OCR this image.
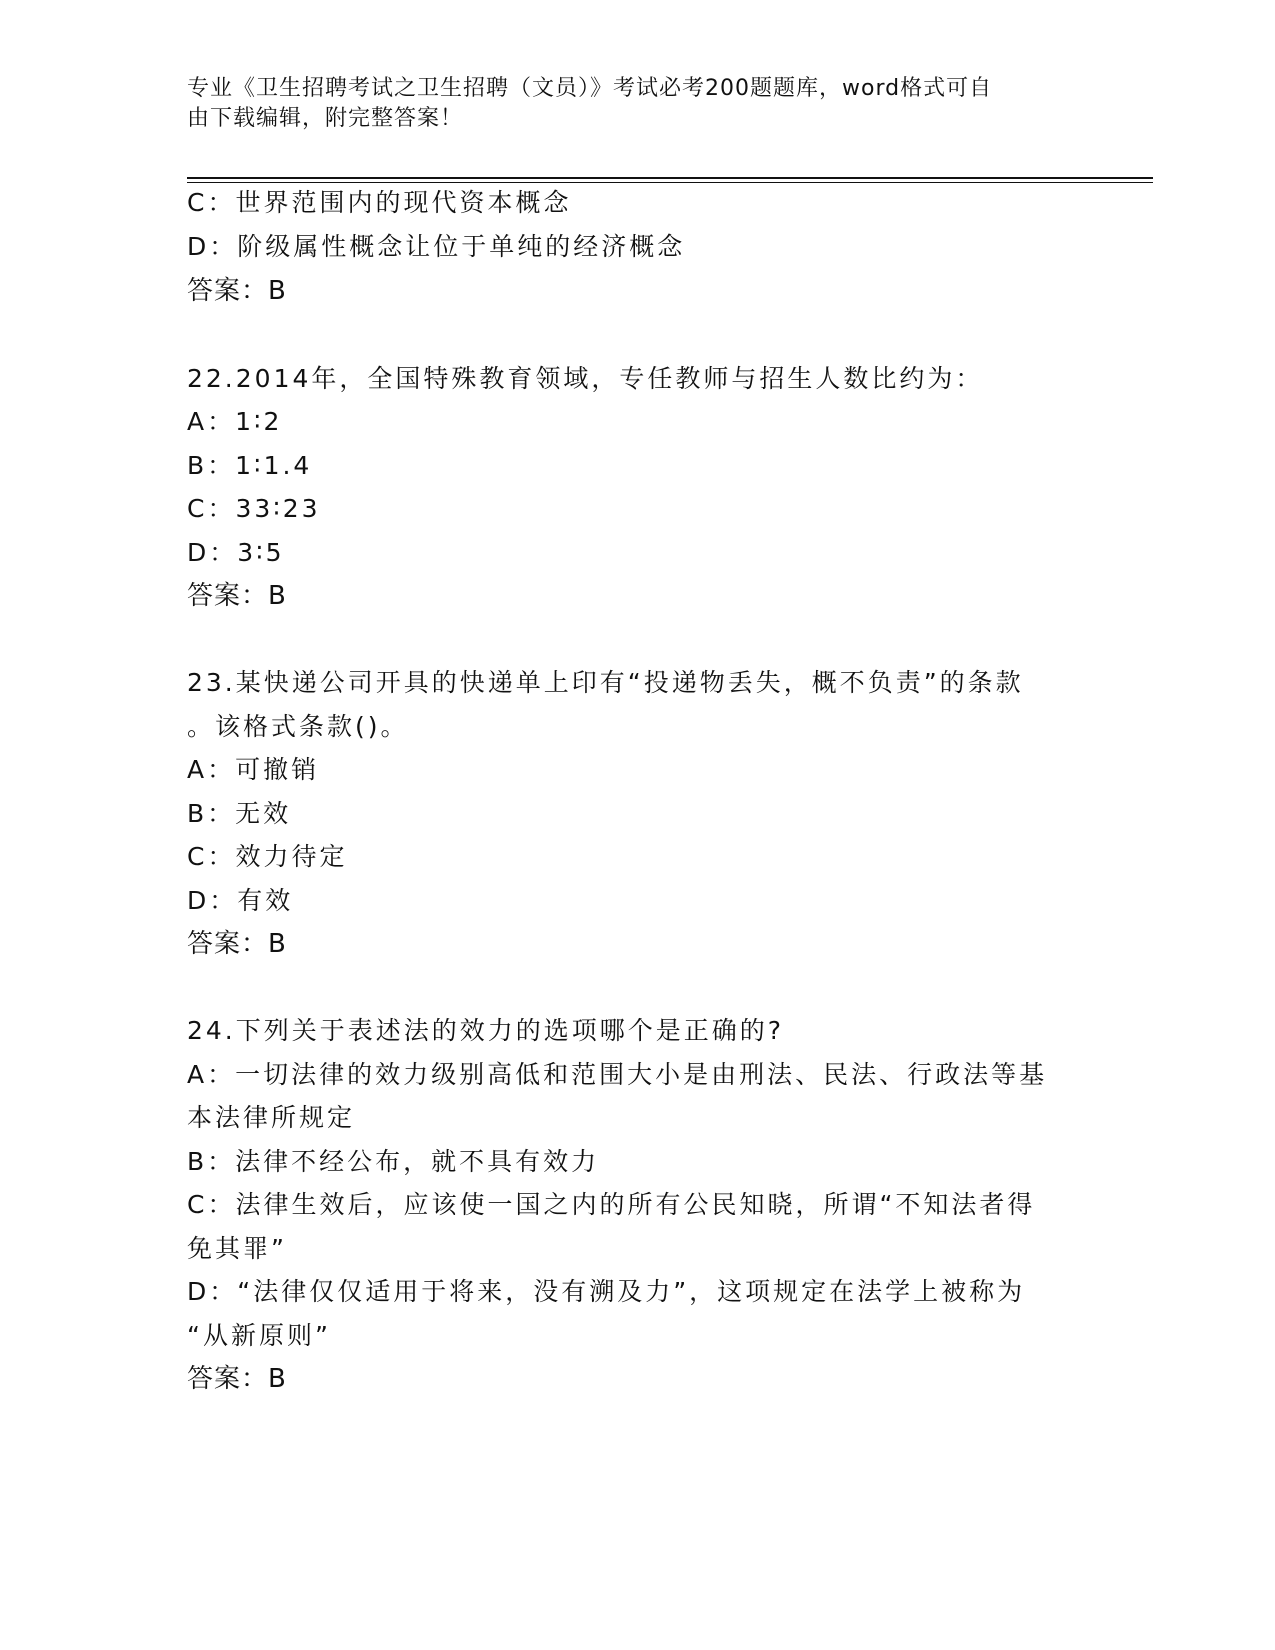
专业《卫生招聘考试之卫生招聘（文员）》考试必考200题题库，word格式可自
由下载编辑，附完整答案！
C：世界范围内的现代资本概念
D：阶级属性概念让位于单纯的经济概念
答案：B
22.2014年，全国特殊教育领域，专任教师与招生人数比约为：
A：1∶2
B：1∶1.4
C：33∶23
D：3∶5
答案：B
23.某快递公司开具的快递单上印有“投递物丢失，概不负责”的条款
。该格式条款()。
A：可撤销
B：无效
C：效力待定
D：有效
答案：B
24.下列关于表述法的效力的选项哪个是正确的?
A：一切法律的效力级别高低和范围大小是由刑法、民法、行政法等基
本法律所规定
B：法律不经公布，就不具有效力
C：法律生效后，应该使一国之内的所有公民知晓，所谓“不知法者得
免其罪”
D：“法律仅仅适用于将来，没有溯及力”，这项规定在法学上被称为
“从新原则”
答案：B
